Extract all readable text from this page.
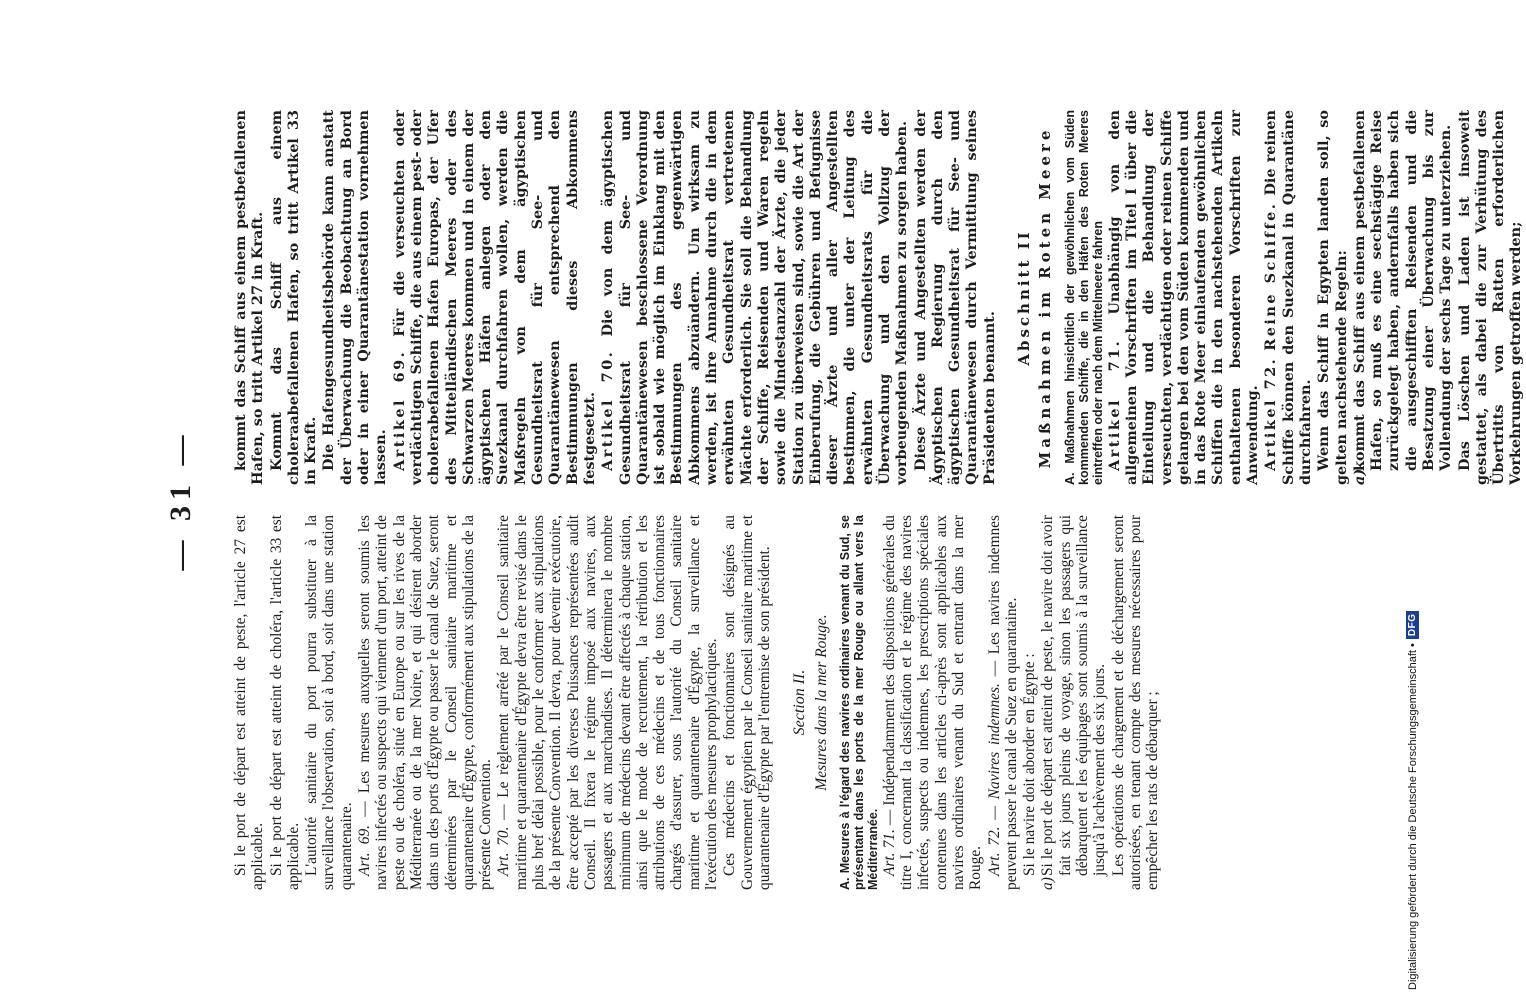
— 31 —

Si le port de départ est atteint de peste, l'article 27 est applicable. Si le port de départ est atteint de choléra, l'article 33 est applicable. L'autorité sanitaire du port pourra substituer à la surveillance l'observation, soit à bord, soit dans une station quarantenaire. Art. 69. — Les mesures auxquelles seront soumis les navires infectés ou suspects qui viennent d'un port, atteint de peste ou de choléra, situé en Europe ou sur les rives de la Méditerranée ou de la mer Noire, et qui désirent aborder dans un des ports d'Égypte ou passer le canal de Suez, seront déterminées par le Conseil sanitaire maritime et quarantenaire d'Égypte, conformément aux stipulations de la présente Convention. Art. 70. — Le règlement arrêté par le Conseil sanitaire maritime et quarantenaire d'Égypte devra être revisé dans le plus bref délai possible, pour le conformer aux stipulations de la présente Convention. Il devra, pour devenir exécutoire, être accepté par les diverses Puissances représentées audit Conseil. Il fixera le régime imposé aux navires, aux passagers et aux marchandises. Il déterminera le nombre minimum de médecins devant être affectés à chaque station, ainsi que le mode de recrutement, la rétribution et les attributions de ces médecins et de tous fonctionnaires chargés d'assurer, sous l'autorité du Conseil sanitaire maritime et quarantenaire d'Égypte, la surveillance et l'exécution des mesures prophylactiques. Ces médecins et fonctionnaires sont désignés au Gouvernement égyptien par le Conseil sanitaire maritime et quarantenaire d'Égypte par l'entremise de son président. Section II. Mesures dans la mer Rouge. A. Mesures à l'égard des navires ordinaires venant du Sud, se présentant dans les ports de la mer Rouge ou allant vers la Méditerranée. Art. 71. — Indépendamment des dispositions générales du titre I, concernant la classification et le régime des navires infectés, suspects ou indemnes, les prescriptions spéciales contenues dans les articles ci-après sont applicables aux navires ordinaires venant du Sud et entrant dans la mer Rouge. Art. 72. — Navires indemnes. — Les navires indemnes peuvent passer le canal de Suez en quarantaine. Si le navire doit aborder en Égypte :

a)Si le port de départ est atteint de peste, le navire doit avoir fait six jours pleins de voyage, sinon les passagers qui débarquent et les équipages sont soumis à la surveillance jusqu'à l'achèvement des six jours. Les opérations de chargement et de déchargement seront autorisées, en tenant compte des mesures nécessaires pour empêcher les rats de débarquer ;

kommt das Schiff aus einem pestbefallenen Hafen, so tritt Artikel 27 in Kraft. Kommt das Schiff aus einem choleraabefallenen Hafen, so tritt Artikel 33 in Kraft. Die Hafengesundheitsbehörde kann anstatt der Überwachung die Beobachtung an Bord oder in einer Quarantänestation vornehmen lassen. Artikel 69. Für die verseuchten oder verdächtigen Schiffe, die aus einem pest- oder cholerabefallenen Hafen Europas, der Ufer des Mittelländischen Meeres oder des Schwarzen Meeres kommen und in einem der ägyptischen Häfen anlegen oder den Suezkanal durchfahren wollen, werden die Maßregeln von dem ägyptischen Gesundheitsrat für See- und Quarantänewesen entsprechend den Bestimmungen dieses Abkommens festgesetzt. Artikel 70. Die von dem ägyptischen Gesundheitsrat für See- und Quarantänewesen beschlossene Verordnung ist sobald wie möglich im Einklang mit den Bestimmungen des gegenwärtigen Abkommens abzuändern. Um wirksam zu werden, ist ihre Annahme durch die in dem erwähnten Gesundheitsrat vertretenen Mächte erforderlich. Sie soll die Behandlung der Schiffe, Reisenden und Waren regeln sowie die Mindestanzahl der Ärzte, die jeder Station zu überweisen sind, sowie die Art der Einberufung, die Gebühren und Befugnisse dieser Ärzte und aller Angestellten bestimmen, die unter der Leitung des erwähnten Gesundheitsrats für die Überwachung und den Vollzug der vorbeugenden Maßnahmen zu sorgen haben. Diese Ärzte und Angestellten werden der Ägyptischen Regierung durch den ägyptischen Gesundheitsrat für See- und Quarantänewesen durch Vermittlung seines Präsidenten benannt.

Abschnitt II Maßnahmen im Roten Meere A. Maßnahmen hinsichtlich der gewöhnlichen vom Süden kommenden Schiffe, die in den Häfen des Roten Meeres eintreffen oder nach dem Mittelmeere fahren Artikel 71. Unabhängig von den allgemeinen Vorschriften im Titel I über die Einteilung und die Behandlung der verseuchten, verdächtigen oder reinen Schiffe gelangen bei den vom Süden kommenden und in das Rote Meer einlaufenden gewöhnlichen Schiffen die in den nachstehenden Artikeln enthaltenen besonderen Vorschriften zur Anwendung. Artikel 72. Reine Schiffe. Die reinen Schiffe können den Suezkanal in Quarantäne durchfahren. Wenn das Schiff in Egypten landen soll, so gelten nachstehende Regeln: a)kommt das Schiff aus einem pestbefallenen Hafen, so muß es eine sechstägige Reise zurückgelegt haben, andernfalls haben sich die ausgeschifften Reisenden und die Besatzung einer Überwachung bis zur Vollendung der sechs Tage zu unterziehen. Das Löschen und Laden ist insoweit gestattet, als dabei die zur Verhütung des Übertritts von Ratten erforderlichen Vorkehrungen getroffen werden;

Digitalisierung gefördert durch die Deutsche Forschungsgemeinschaft •
DFG
